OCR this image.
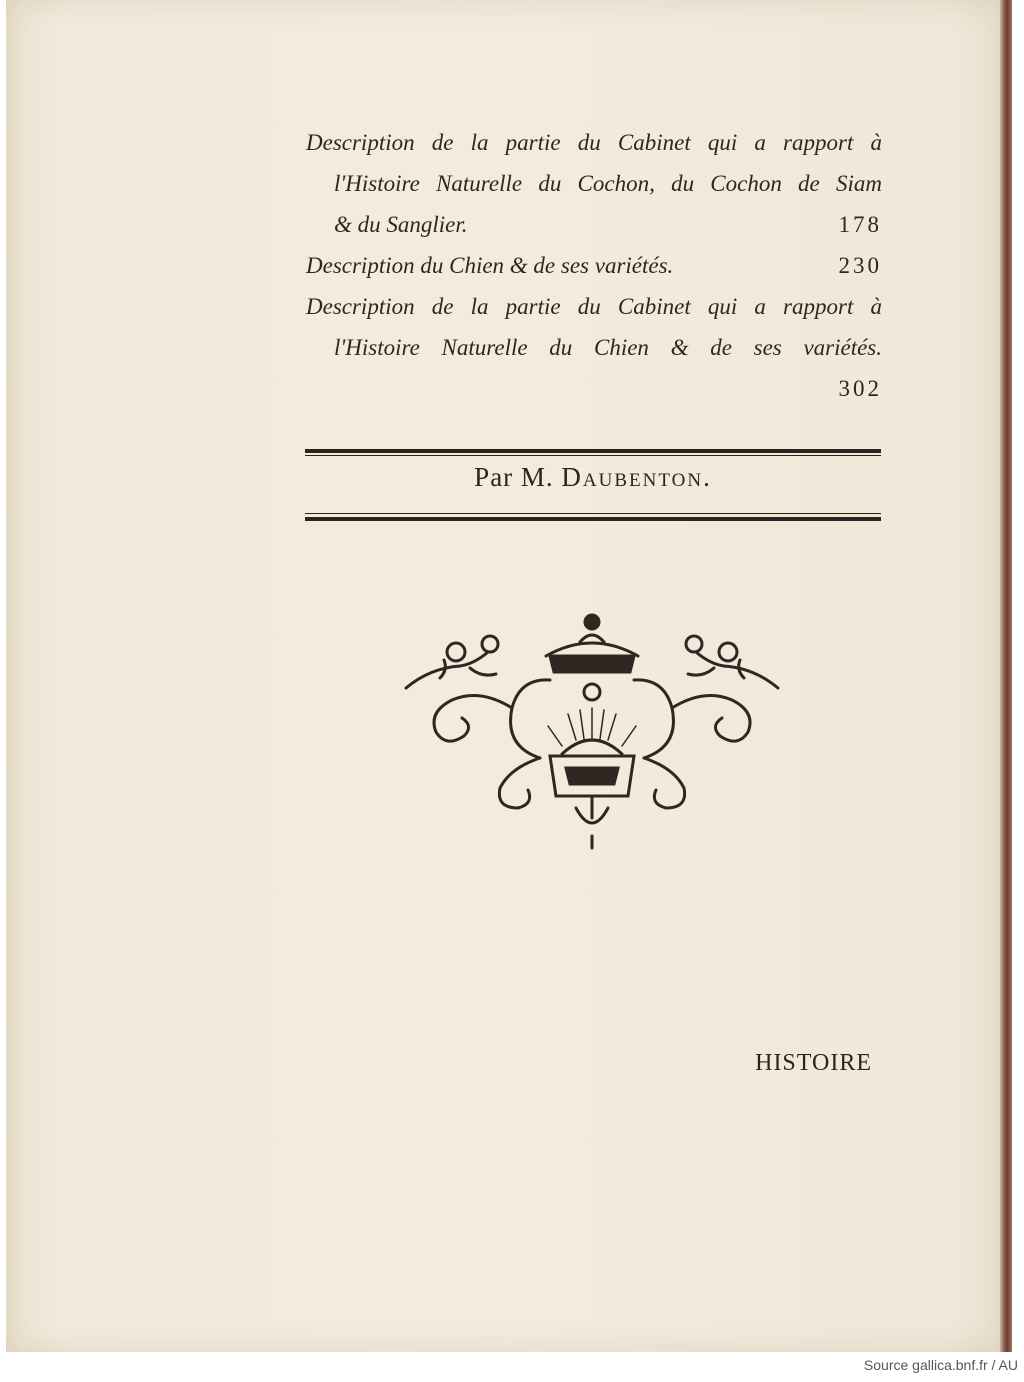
Description de la partie du Cabinet qui a rapport à
l'Histoire Naturelle du Cochon, du Cochon de Siam
& du Sanglier.	178
Description du Chien & de ses variétés.	230
Description de la partie du Cabinet qui a rapport à
l'Histoire Naturelle du Chien & de ses variétés.
302
Par M. Daubenton.
HISTOIRE
Source gallica.bnf.fr / AU
